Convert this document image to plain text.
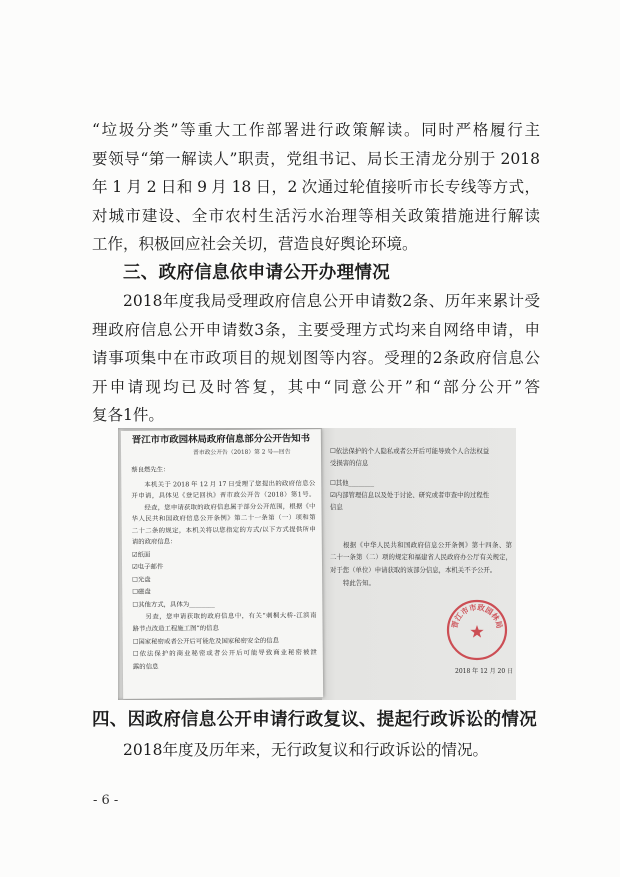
“垃圾分类”等重大工作部署进行政策解读。同时严格履行主
要领导“第一解读人”职责，党组书记、局长王清龙分别于 2018
年 1 月 2 日和 9 月 18 日，2 次通过轮值接听市长专线等方式，
对城市建设、全市农村生活污水治理等相关政策措施进行解读
工作，积极回应社会关切，营造良好舆论环境。
三、政府信息依申请公开办理情况
2018年度我局受理政府信息公开申请数2条、历年来累计受
理政府信息公开申请数3条，主要受理方式均来自网络申请，申
请事项集中在市政项目的规划图等内容。受理的2条政府信息公
开申请现均已及时答复，其中“同意公开”和“部分公开”答
复各1件。
☐依法保护的个人隐私或者公开后可能导致个人合法权益
受损害的信息
☐其他________
☑内部管理信息以及处于讨论、研究或者审查中的过程性
信息
根据《中华人民共和国政府信息公开条例》第十四条、第
二十一条第（二）项的规定和福建省人民政府办公厅有关规定，
对于您（单位）申请获取的该部分信息，本机关不予公开。
特此告知。
晋江市市政园林局
2018 年 12 月 20 日
晋江市市政园林局政府信息部分公开告知书
晋市政公开告（2018）第 2 号—回告
蔡良燃先生：
本机关于 2018 年 12 月 17 日受理了您提出的政府信息公
开申请，具体见《登记回执》晋市政公开告（2018）第1号。
经查，您申请获取的政府信息属于部分公开范围，根据《中
华人民共和国政府信息公开条例》第二十一条第（一）项和第
二十二条的规定，本机关将以您指定的方式/以下方式提供所申
请的政府信息：
☑纸面
☑电子邮件
☐光盘
☐磁盘
☐其他方式，具体为________
另查，您申请获取的政府信息中，有关“刺桐大桥-江滨南
路节点改造工程施工图”的信息
☐国家秘密或者公开后可能危及国家秘密安全的信息
☐依法保护的商业秘密或者公开后可能导致商业秘密被泄
露的信息
四、因政府信息公开申请行政复议、提起行政诉讼的情况
2018年度及历年来，无行政复议和行政诉讼的情况。
- 6 -
